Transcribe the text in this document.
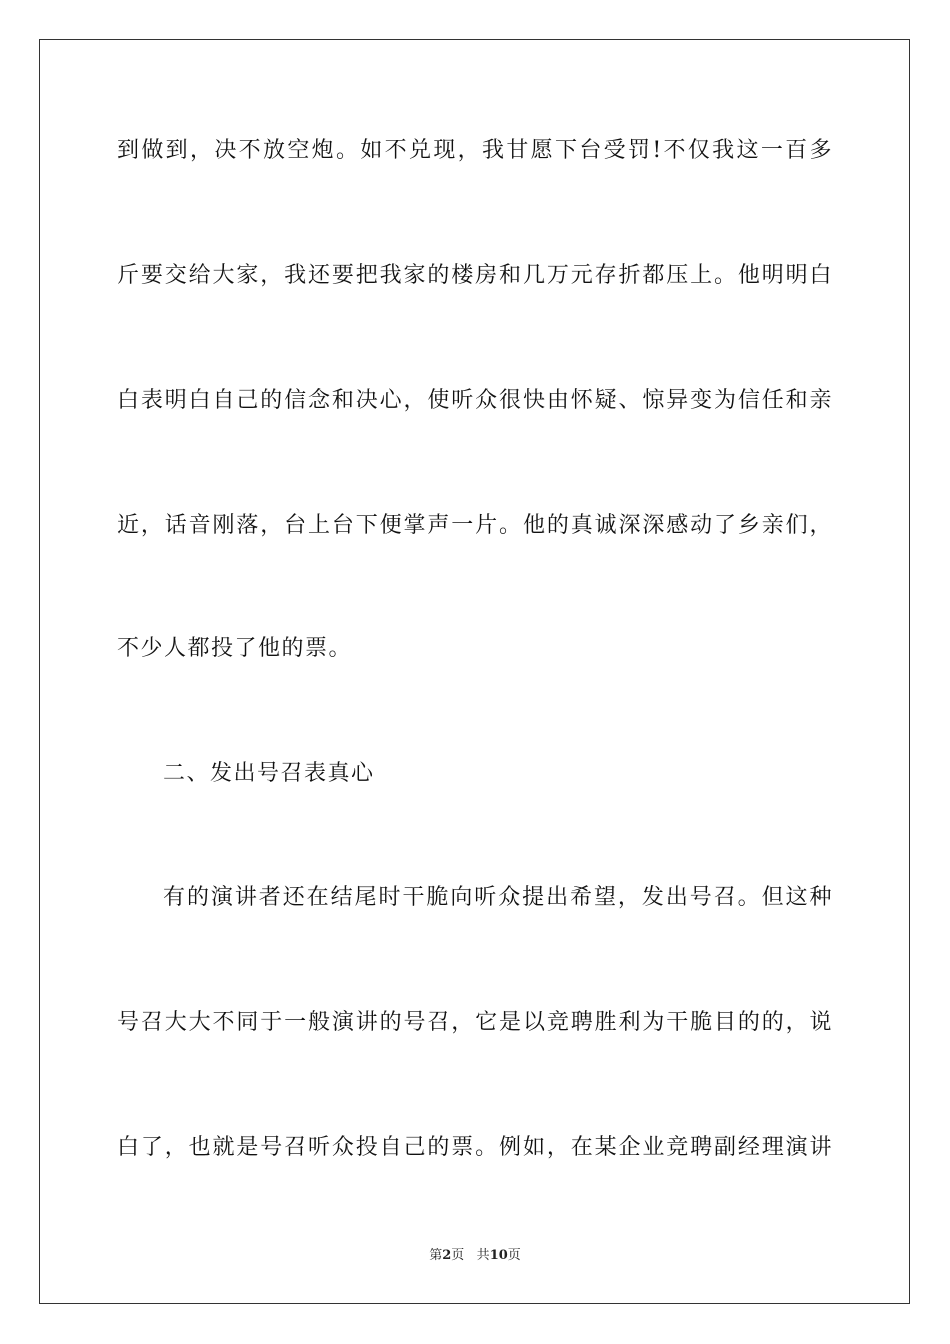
到做到，决不放空炮。如不兑现，我甘愿下台受罚!不仅我这一百多
斤要交给大家，我还要把我家的楼房和几万元存折都压上。他明明白
白表明白自己的信念和决心，使听众很快由怀疑、惊异变为信任和亲
近，话音刚落，台上台下便掌声一片。他的真诚深深感动了乡亲们，
不少人都投了他的票。
二、发出号召表真心
有的演讲者还在结尾时干脆向听众提出希望，发出号召。但这种
号召大大不同于一般演讲的号召，它是以竞聘胜利为干脆目的的，说
白了，也就是号召听众投自己的票。例如，在某企业竞聘副经理演讲
第2页 共10页
